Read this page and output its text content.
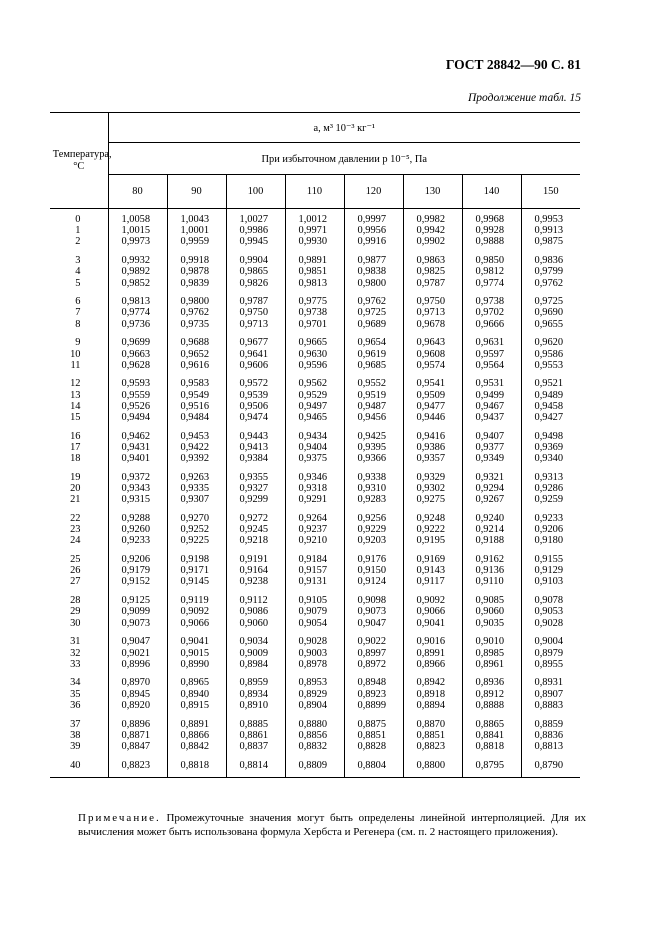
ГОСТ 28842—90 С. 81
Продолжение табл. 15
Температура, °С	a, м³ 10⁻³ кг⁻¹							
	При избыточном давлении p 10⁻⁵, Па							
	80	90	100	110	120	130	140	150
0	1,0058	1,0043	1,0027	1,0012	0,9997	0,9982	0,9968	0,9953
1	1,0015	1,0001	0,9986	0,9971	0,9956	0,9942	0,9928	0,9913
2	0,9973	0,9959	0,9945	0,9930	0,9916	0,9902	0,9888	0,9875

3	0,9932	0,9918	0,9904	0,9891	0,9877	0,9863	0,9850	0,9836
4	0,9892	0,9878	0,9865	0,9851	0,9838	0,9825	0,9812	0,9799
5	0,9852	0,9839	0,9826	0,9813	0,9800	0,9787	0,9774	0,9762

6	0,9813	0,9800	0,9787	0,9775	0,9762	0,9750	0,9738	0,9725
7	0,9774	0,9762	0,9750	0,9738	0,9725	0,9713	0,9702	0,9690
8	0,9736	0,9735	0,9713	0,9701	0,9689	0,9678	0,9666	0,9655

9	0,9699	0,9688	0,9677	0,9665	0,9654	0,9643	0,9631	0,9620
10	0,9663	0,9652	0,9641	0,9630	0,9619	0,9608	0,9597	0,9586
11	0,9628	0,9616	0,9606	0,9596	0,9685	0,9574	0,9564	0,9553

12	0,9593	0,9583	0,9572	0,9562	0,9552	0,9541	0,9531	0,9521
13	0,9559	0,9549	0,9539	0,9529	0,9519	0,9509	0,9499	0,9489
14	0,9526	0,9516	0,9506	0,9497	0,9487	0,9477	0,9467	0,9458
15	0,9494	0,9484	0,9474	0,9465	0,9456	0,9446	0,9437	0,9427

16	0,9462	0,9453	0,9443	0,9434	0,9425	0,9416	0,9407	0,9498
17	0,9431	0,9422	0,9413	0,9404	0,9395	0,9386	0,9377	0,9369
18	0,9401	0,9392	0,9384	0,9375	0,9366	0,9357	0,9349	0,9340

19	0,9372	0,9263	0,9355	0,9346	0,9338	0,9329	0,9321	0,9313
20	0,9343	0,9335	0,9327	0,9318	0,9310	0,9302	0,9294	0,9286
21	0,9315	0,9307	0,9299	0,9291	0,9283	0,9275	0,9267	0,9259

22	0,9288	0,9270	0,9272	0,9264	0,9256	0,9248	0,9240	0,9233
23	0,9260	0,9252	0,9245	0,9237	0,9229	0,9222	0,9214	0,9206
24	0,9233	0,9225	0,9218	0,9210	0,9203	0,9195	0,9188	0,9180

25	0,9206	0,9198	0,9191	0,9184	0,9176	0,9169	0,9162	0,9155
26	0,9179	0,9171	0,9164	0,9157	0,9150	0,9143	0,9136	0,9129
27	0,9152	0,9145	0,9238	0,9131	0,9124	0,9117	0,9110	0,9103

28	0,9125	0,9119	0,9112	0,9105	0,9098	0,9092	0,9085	0,9078
29	0,9099	0,9092	0,9086	0,9079	0,9073	0,9066	0,9060	0,9053
30	0,9073	0,9066	0,9060	0,9054	0,9047	0,9041	0,9035	0,9028

31	0,9047	0,9041	0,9034	0,9028	0,9022	0,9016	0,9010	0,9004
32	0,9021	0,9015	0,9009	0,9003	0,8997	0,8991	0,8985	0,8979
33	0,8996	0,8990	0,8984	0,8978	0,8972	0,8966	0,8961	0,8955

34	0,8970	0,8965	0,8959	0,8953	0,8948	0,8942	0,8936	0,8931
35	0,8945	0,8940	0,8934	0,8929	0,8923	0,8918	0,8912	0,8907
36	0,8920	0,8915	0,8910	0,8904	0,8899	0,8894	0,8888	0,8883

37	0,8896	0,8891	0,8885	0,8880	0,8875	0,8870	0,8865	0,8859
38	0,8871	0,8866	0,8861	0,8856	0,8851	0,8851	0,8841	0,8836
39	0,8847	0,8842	0,8837	0,8832	0,8828	0,8823	0,8818	0,8813

40	0,8823	0,8818	0,8814	0,8809	0,8804	0,8800	0,8795	0,8790
Примечание. Промежуточные значения могут быть определены линейной интерполяцией. Для их вычисления может быть использована формула Хербста и Регенера (см. п. 2 настоящего приложения).
